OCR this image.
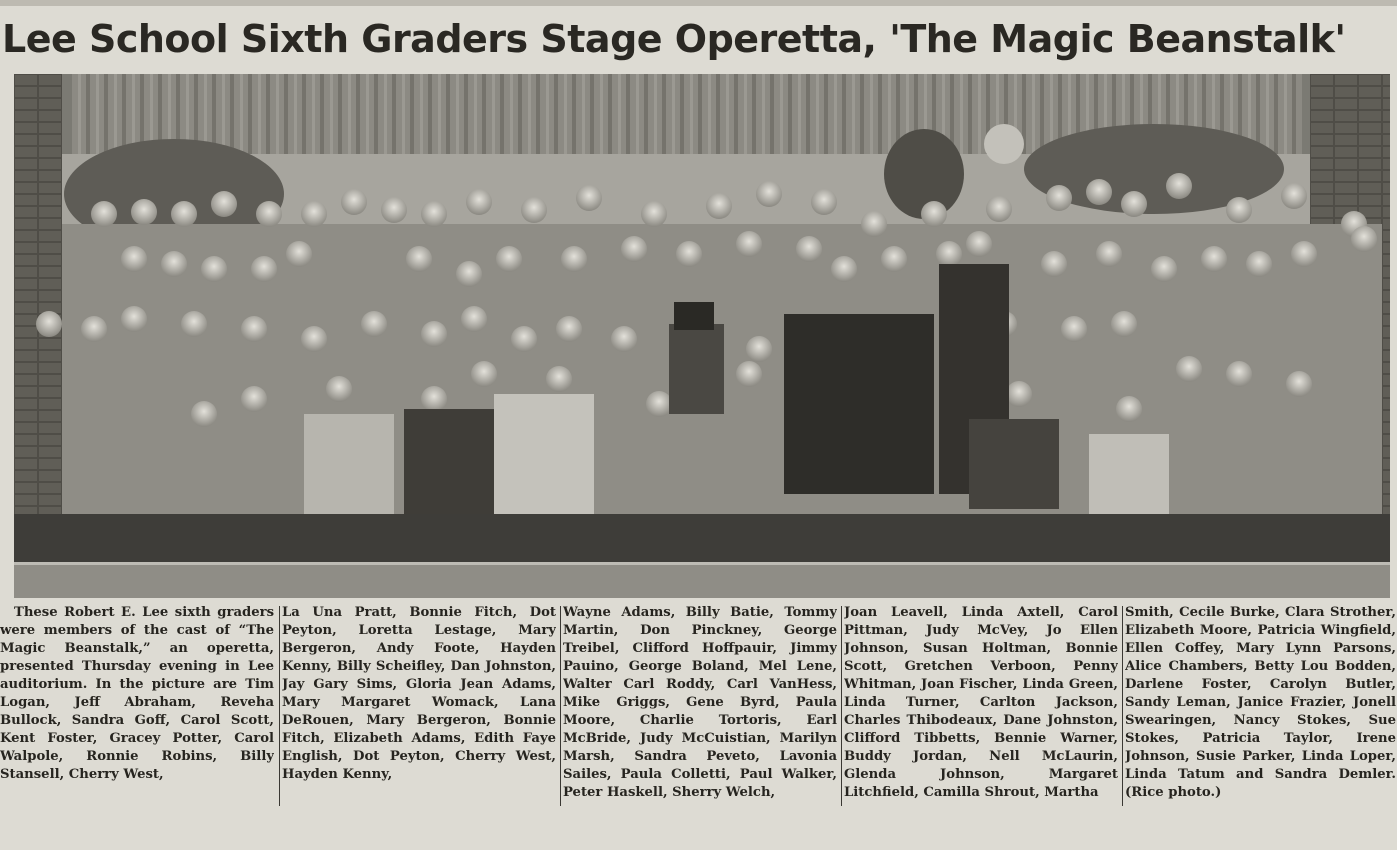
Lee School Sixth Graders Stage Operetta, 'The Magic Beanstalk'

These Robert E. Lee sixth graders were members of the cast of “The Magic Beanstalk,” an operetta, presented Thursday evening in Lee auditorium. In the picture are Tim Logan, Jeff Abraham, Reveha Bullock, Sandra Goff, Carol Scott, Kent Foster, Gracey Potter, Carol Walpole, Ronnie Robins, Billy Stansell, Cherry West,

La Una Pratt, Bonnie Fitch, Dot Peyton, Loretta Lestage, Mary Bergeron, Andy Foote, Hayden Kenny, Billy Scheifley, Dan Johnston, Jay Gary Sims, Gloria Jean Adams, Mary Margaret Womack, Lana DeRouen, Mary Bergeron, Bonnie Fitch, Elizabeth Adams, Edith Faye English, Dot Peyton, Cherry West, Hayden Kenny,

Wayne Adams, Billy Batie, Tommy Martin, Don Pinckney, George Treibel, Clifford Hoffpauir, Jimmy Pauino, George Boland, Mel Lene, Walter Carl Roddy, Carl VanHess, Mike Griggs, Gene Byrd, Paula Moore, Charlie Tortoris, Earl McBride, Judy McCuistian, Marilyn Marsh, Sandra Peveto, Lavonia Sailes, Paula Colletti, Paul Walker, Peter Haskell, Sherry Welch,

Joan Leavell, Linda Axtell, Carol Pittman, Judy McVey, Jo Ellen Johnson, Susan Holtman, Bonnie Scott, Gretchen Verboon, Penny Whitman, Joan Fischer, Linda Green, Linda Turner, Carlton Jackson, Charles Thibodeaux, Dane Johnston, Clifford Tibbetts, Bennie Warner, Buddy Jordan, Nell McLaurin, Glenda Johnson, Margaret Litchfield, Camilla Shrout, Martha

Smith, Cecile Burke, Clara Strother, Elizabeth Moore, Patricia Wingfield, Ellen Coffey, Mary Lynn Parsons, Alice Chambers, Betty Lou Bodden, Darlene Foster, Carolyn Butler, Sandy Leman, Janice Frazier, Jonell Swearingen, Nancy Stokes, Sue Stokes, Patricia Taylor, Irene Johnson, Susie Parker, Linda Loper, Linda Tatum and Sandra Demler. (Rice photo.)
